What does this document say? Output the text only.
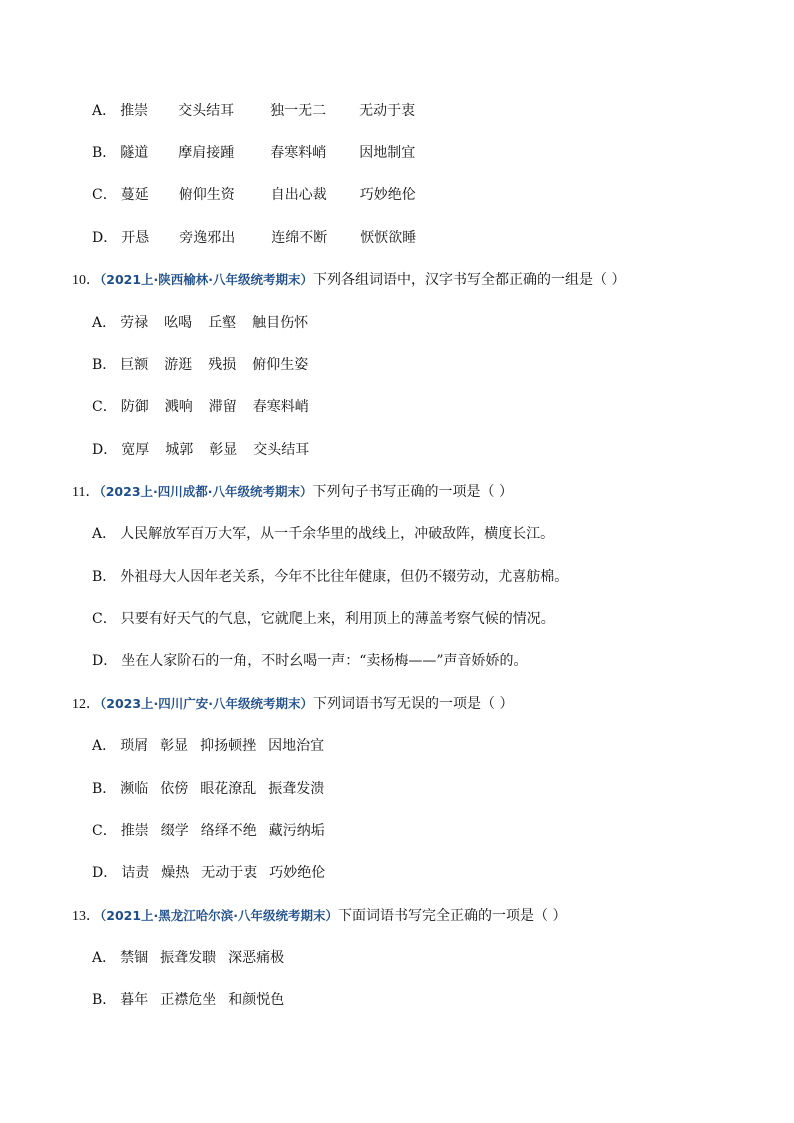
A． 推崇 交头结耳	独一无二 无动于衷
B． 隧道 摩肩接踵	春寒料峭 因地制宜
C． 蔓延 俯仰生资	自出心裁 巧妙绝伦
D． 开恳 旁逸邪出	连绵不断 恹恹欲睡
10．（2021上·陕西榆林·八年级统考期末）下列各组词语中，汉字书写全都正确的一组是（ ）
A． 劳禄 吆喝 丘壑 触目伤怀
B． 巨额 游逛 残损 俯仰生姿
C． 防御 溅响 滞留 春寒料峭
D． 宽厚 城郭 彰显 交头结耳
11．（2023上·四川成都·八年级统考期末）下列句子书写正确的一项是（ ）
A． 人民解放军百万大军，从一千余华里的战线上，冲破敌阵，横度长江。
B． 外祖母大人因年老关系，今年不比往年健康，但仍不辍劳动，尤喜舫棉。
C． 只要有好天气的气息，它就爬上来，利用顶上的薄盖考察气候的情况。
D． 坐在人家阶石的一角，不时幺喝一声：“卖杨梅——”声音娇娇的。
12．（2023上·四川广安·八年级统考期末）下列词语书写无误的一项是（ ）
A． 琐屑 彰显 抑扬顿挫 因地治宜
B． 濒临 依傍 眼花潦乱 振聋发溃
C． 推崇 缀学 络绎不绝 藏污纳垢
D． 诘责 燥热 无动于衷 巧妙绝伦
13．（2021上·黑龙江哈尔滨·八年级统考期末）下面词语书写完全正确的一项是（ ）
A． 禁锢 振聋发聩 深恶痛极
B． 暮年 正襟危坐 和颜悦色
